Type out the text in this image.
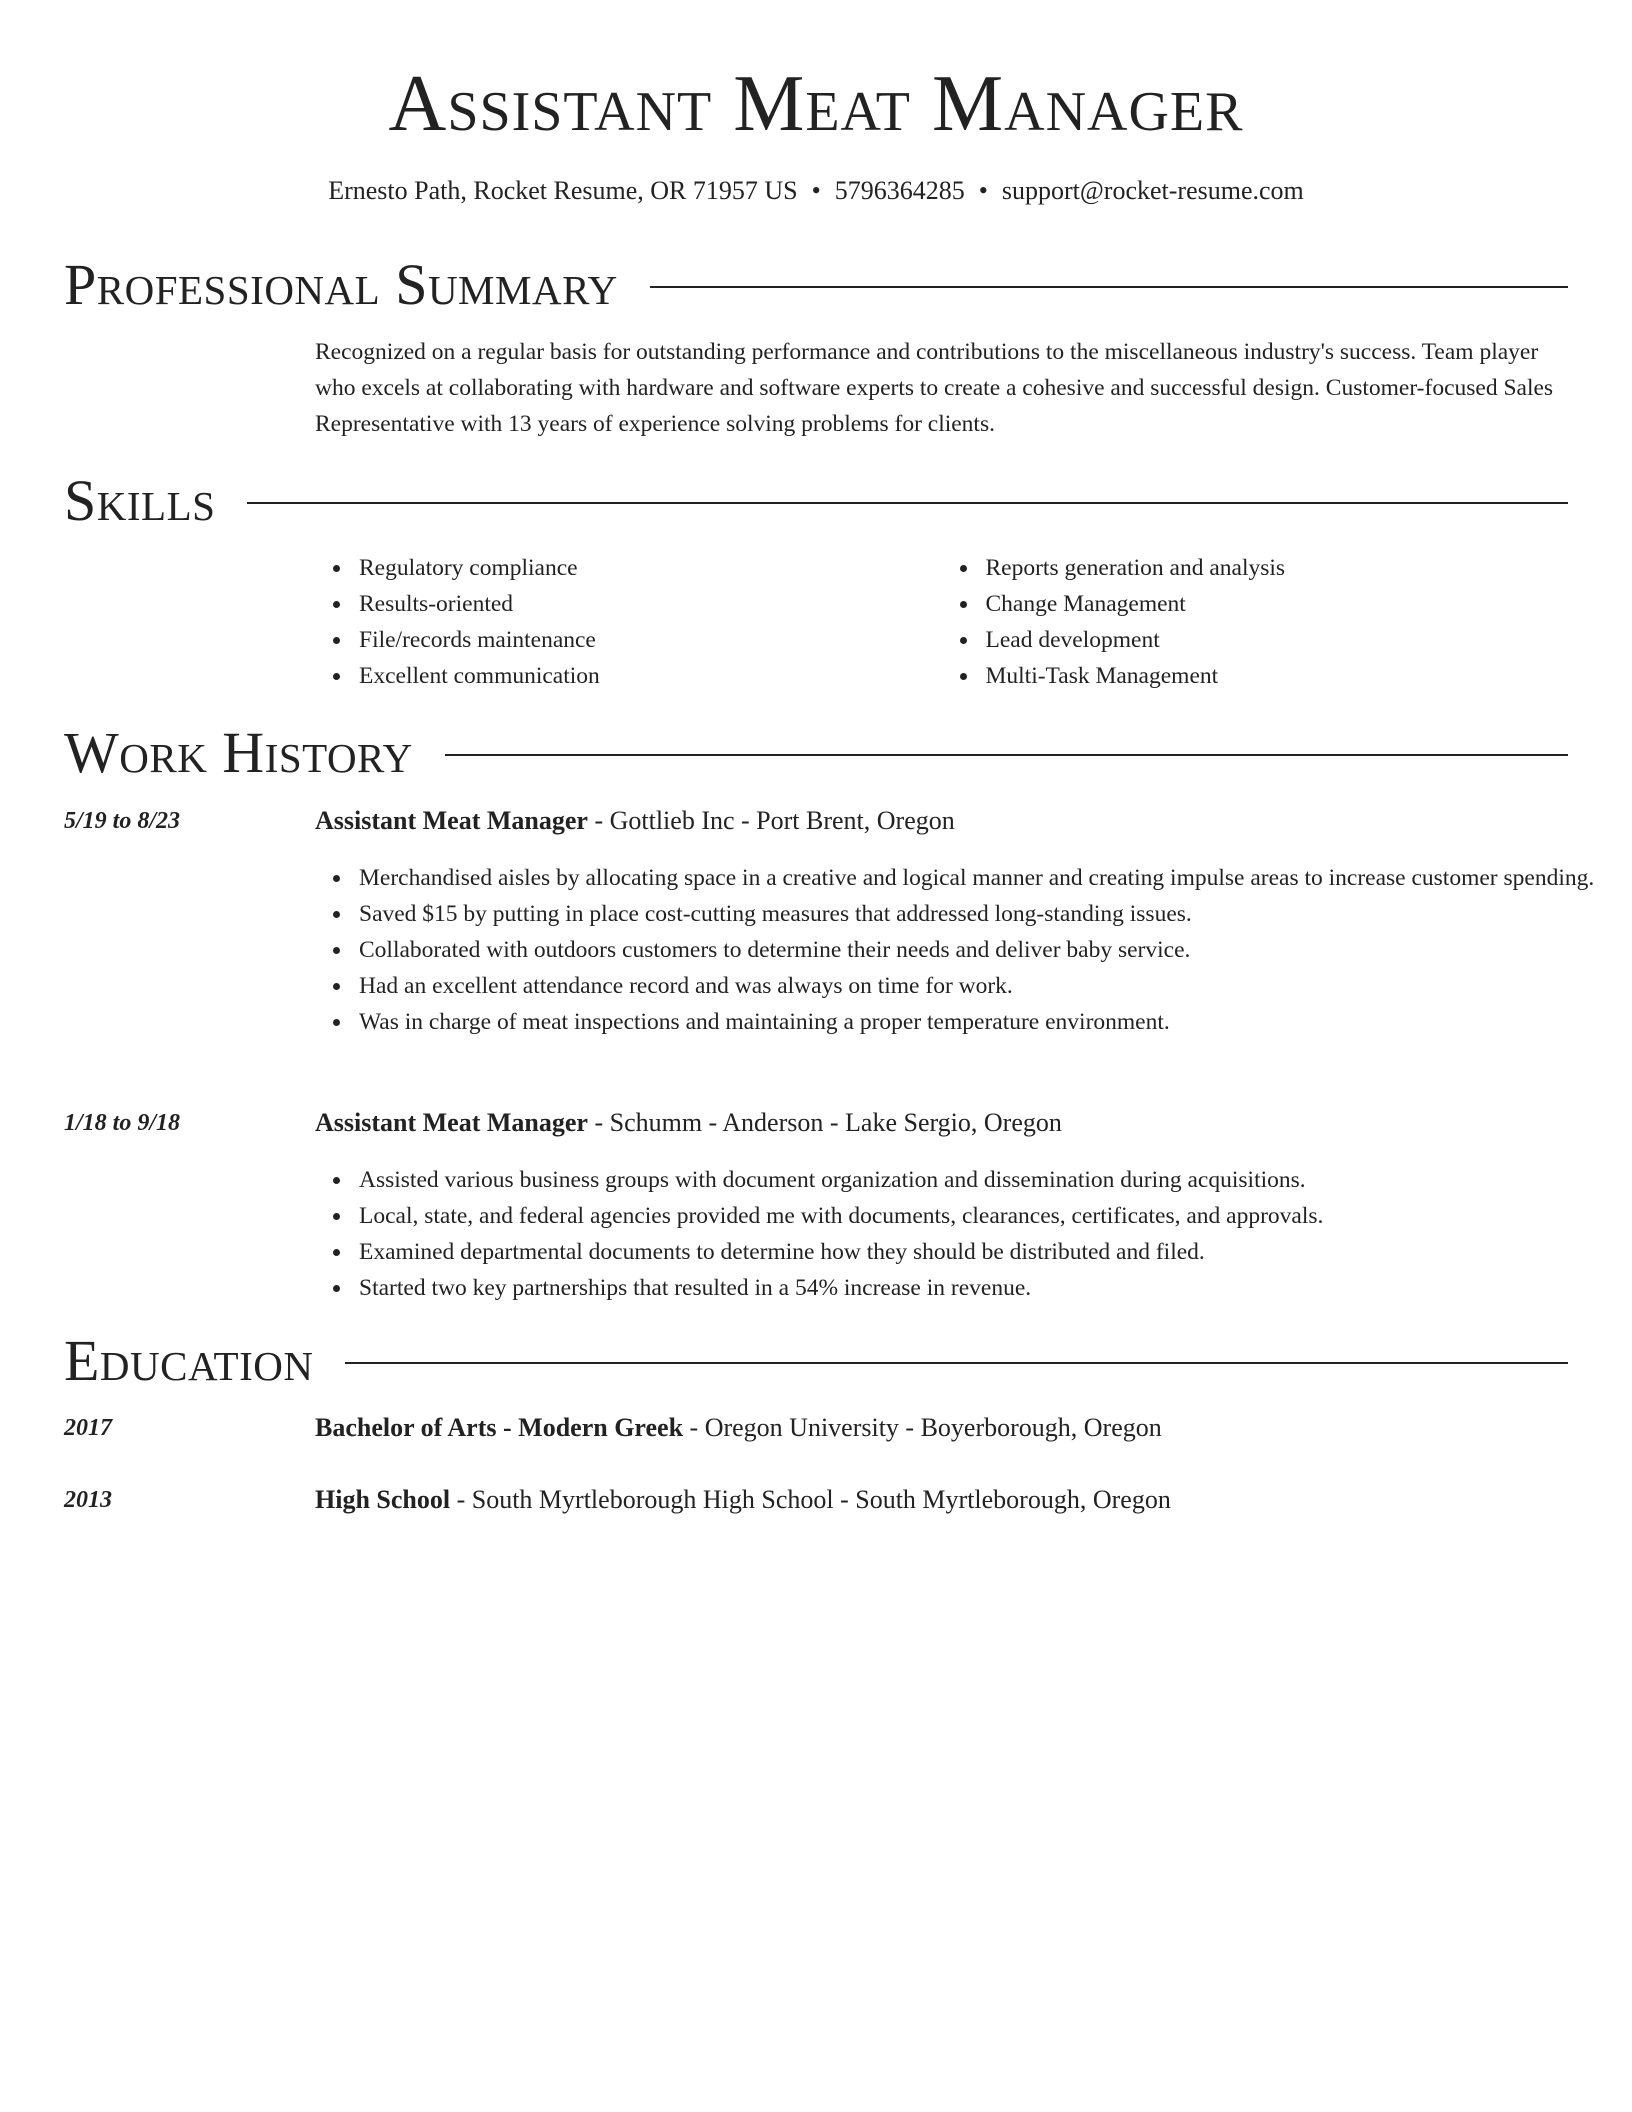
Assistant Meat Manager
Ernesto Path, Rocket Resume, OR 71957 US • 5796364285 • support@rocket-resume.com
Professional Summary
Recognized on a regular basis for outstanding performance and contributions to the miscellaneous industry's success. Team player who excels at collaborating with hardware and software experts to create a cohesive and successful design. Customer-focused Sales Representative with 13 years of experience solving problems for clients.
Skills
Regulatory compliance
Results-oriented
File/records maintenance
Excellent communication
Reports generation and analysis
Change Management
Lead development
Multi-Task Management
Work History
5/19 to 8/23	Assistant Meat Manager - Gottlieb Inc - Port Brent, Oregon
Merchandised aisles by allocating space in a creative and logical manner and creating impulse areas to increase customer spending.
Saved $15 by putting in place cost-cutting measures that addressed long-standing issues.
Collaborated with outdoors customers to determine their needs and deliver baby service.
Had an excellent attendance record and was always on time for work.
Was in charge of meat inspections and maintaining a proper temperature environment.
1/18 to 9/18	Assistant Meat Manager - Schumm - Anderson - Lake Sergio, Oregon
Assisted various business groups with document organization and dissemination during acquisitions.
Local, state, and federal agencies provided me with documents, clearances, certificates, and approvals.
Examined departmental documents to determine how they should be distributed and filed.
Started two key partnerships that resulted in a 54% increase in revenue.
Education
2017	Bachelor of Arts - Modern Greek - Oregon University - Boyerborough, Oregon
2013	High School - South Myrtleborough High School - South Myrtleborough, Oregon
